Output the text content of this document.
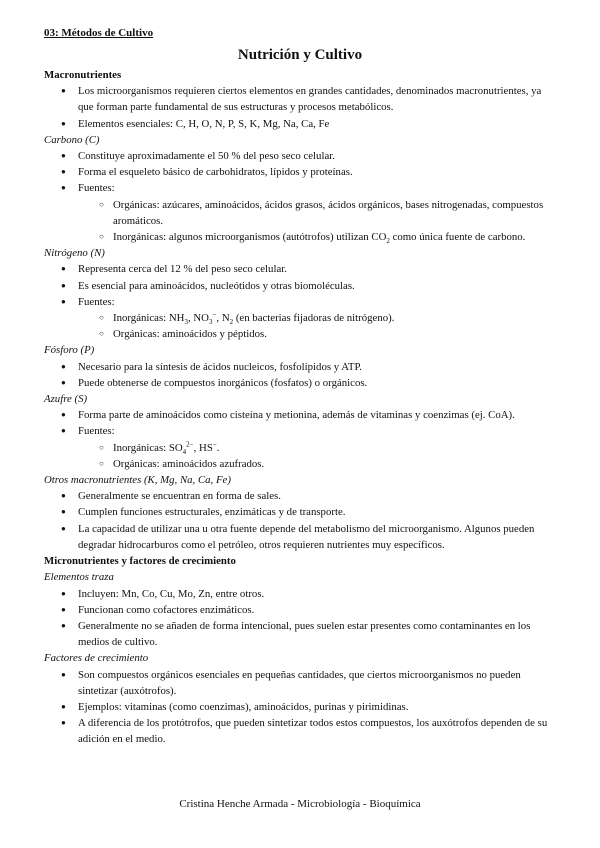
03: Métodos de Cultivo
Nutrición y Cultivo
Macronutrientes
● Los microorganismos requieren ciertos elementos en grandes cantidades, denominados macronutrientes, ya que forman parte fundamental de sus estructuras y procesos metabólicos.
● Elementos esenciales: C, H, O, N, P, S, K, Mg, Na, Ca, Fe
Carbono (C)
● Constituye aproximadamente el 50 % del peso seco celular.
● Forma el esqueleto básico de carbohidratos, lípidos y proteínas.
● Fuentes:
○ Orgánicas: azúcares, aminoácidos, ácidos grasos, ácidos orgánicos, bases nitrogenadas, compuestos aromáticos.
○ Inorgánicas: algunos microorganismos (autótrofos) utilizan $CO_2$ como única fuente de carbono.
Nitrógeno (N)
● Representa cerca del 12 % del peso seco celular.
● Es esencial para aminoácidos, nucleótidos y otras biomoléculas.
● Fuentes:
○ Inorgánicas: $NH_3$, $NO_3^-$, $N_2$ (en bacterias fijadoras de nitrógeno).
○ Orgánicas: aminoácidos y péptidos.
Fósforo (P)
● Necesario para la síntesis de ácidos nucleicos, fosfolípidos y ATP.
● Puede obtenerse de compuestos inorgánicos (fosfatos) o orgánicos.
Azufre (S)
● Forma parte de aminoácidos como cisteína y metionina, además de vitaminas y coenzimas (ej. CoA).
● Fuentes:
○ Inorgánicas: $SO_4^{2-}$, HS−.
○ Orgánicas: aminoácidos azufrados.
Otros macronutrientes (K, Mg, Na, Ca, Fe)
● Generalmente se encuentran en forma de sales.
● Cumplen funciones estructurales, enzimáticas y de transporte.
● La capacidad de utilizar una u otra fuente depende del metabolismo del microorganismo. Algunos pueden degradar hidrocarburos como el petróleo, otros requieren nutrientes muy específicos.
Micronutrientes y factores de crecimiento
Elementos traza
● Incluyen: Mn, Co, Cu, Mo, Zn, entre otros.
● Funcionan como cofactores enzimáticos.
● Generalmente no se añaden de forma intencional, pues suelen estar presentes como contaminantes en los medios de cultivo.
Factores de crecimiento
● Son compuestos orgánicos esenciales en pequeñas cantidades, que ciertos microorganismos no pueden sintetizar (auxótrofos).
● Ejemplos: vitaminas (como coenzimas), aminoácidos, purinas y pirimidinas.
● A diferencia de los protótrofos, que pueden sintetizar todos estos compuestos, los auxótrofos dependen de su adición en el medio.
Cristina Henche Armada - Microbiología - Bioquímica
